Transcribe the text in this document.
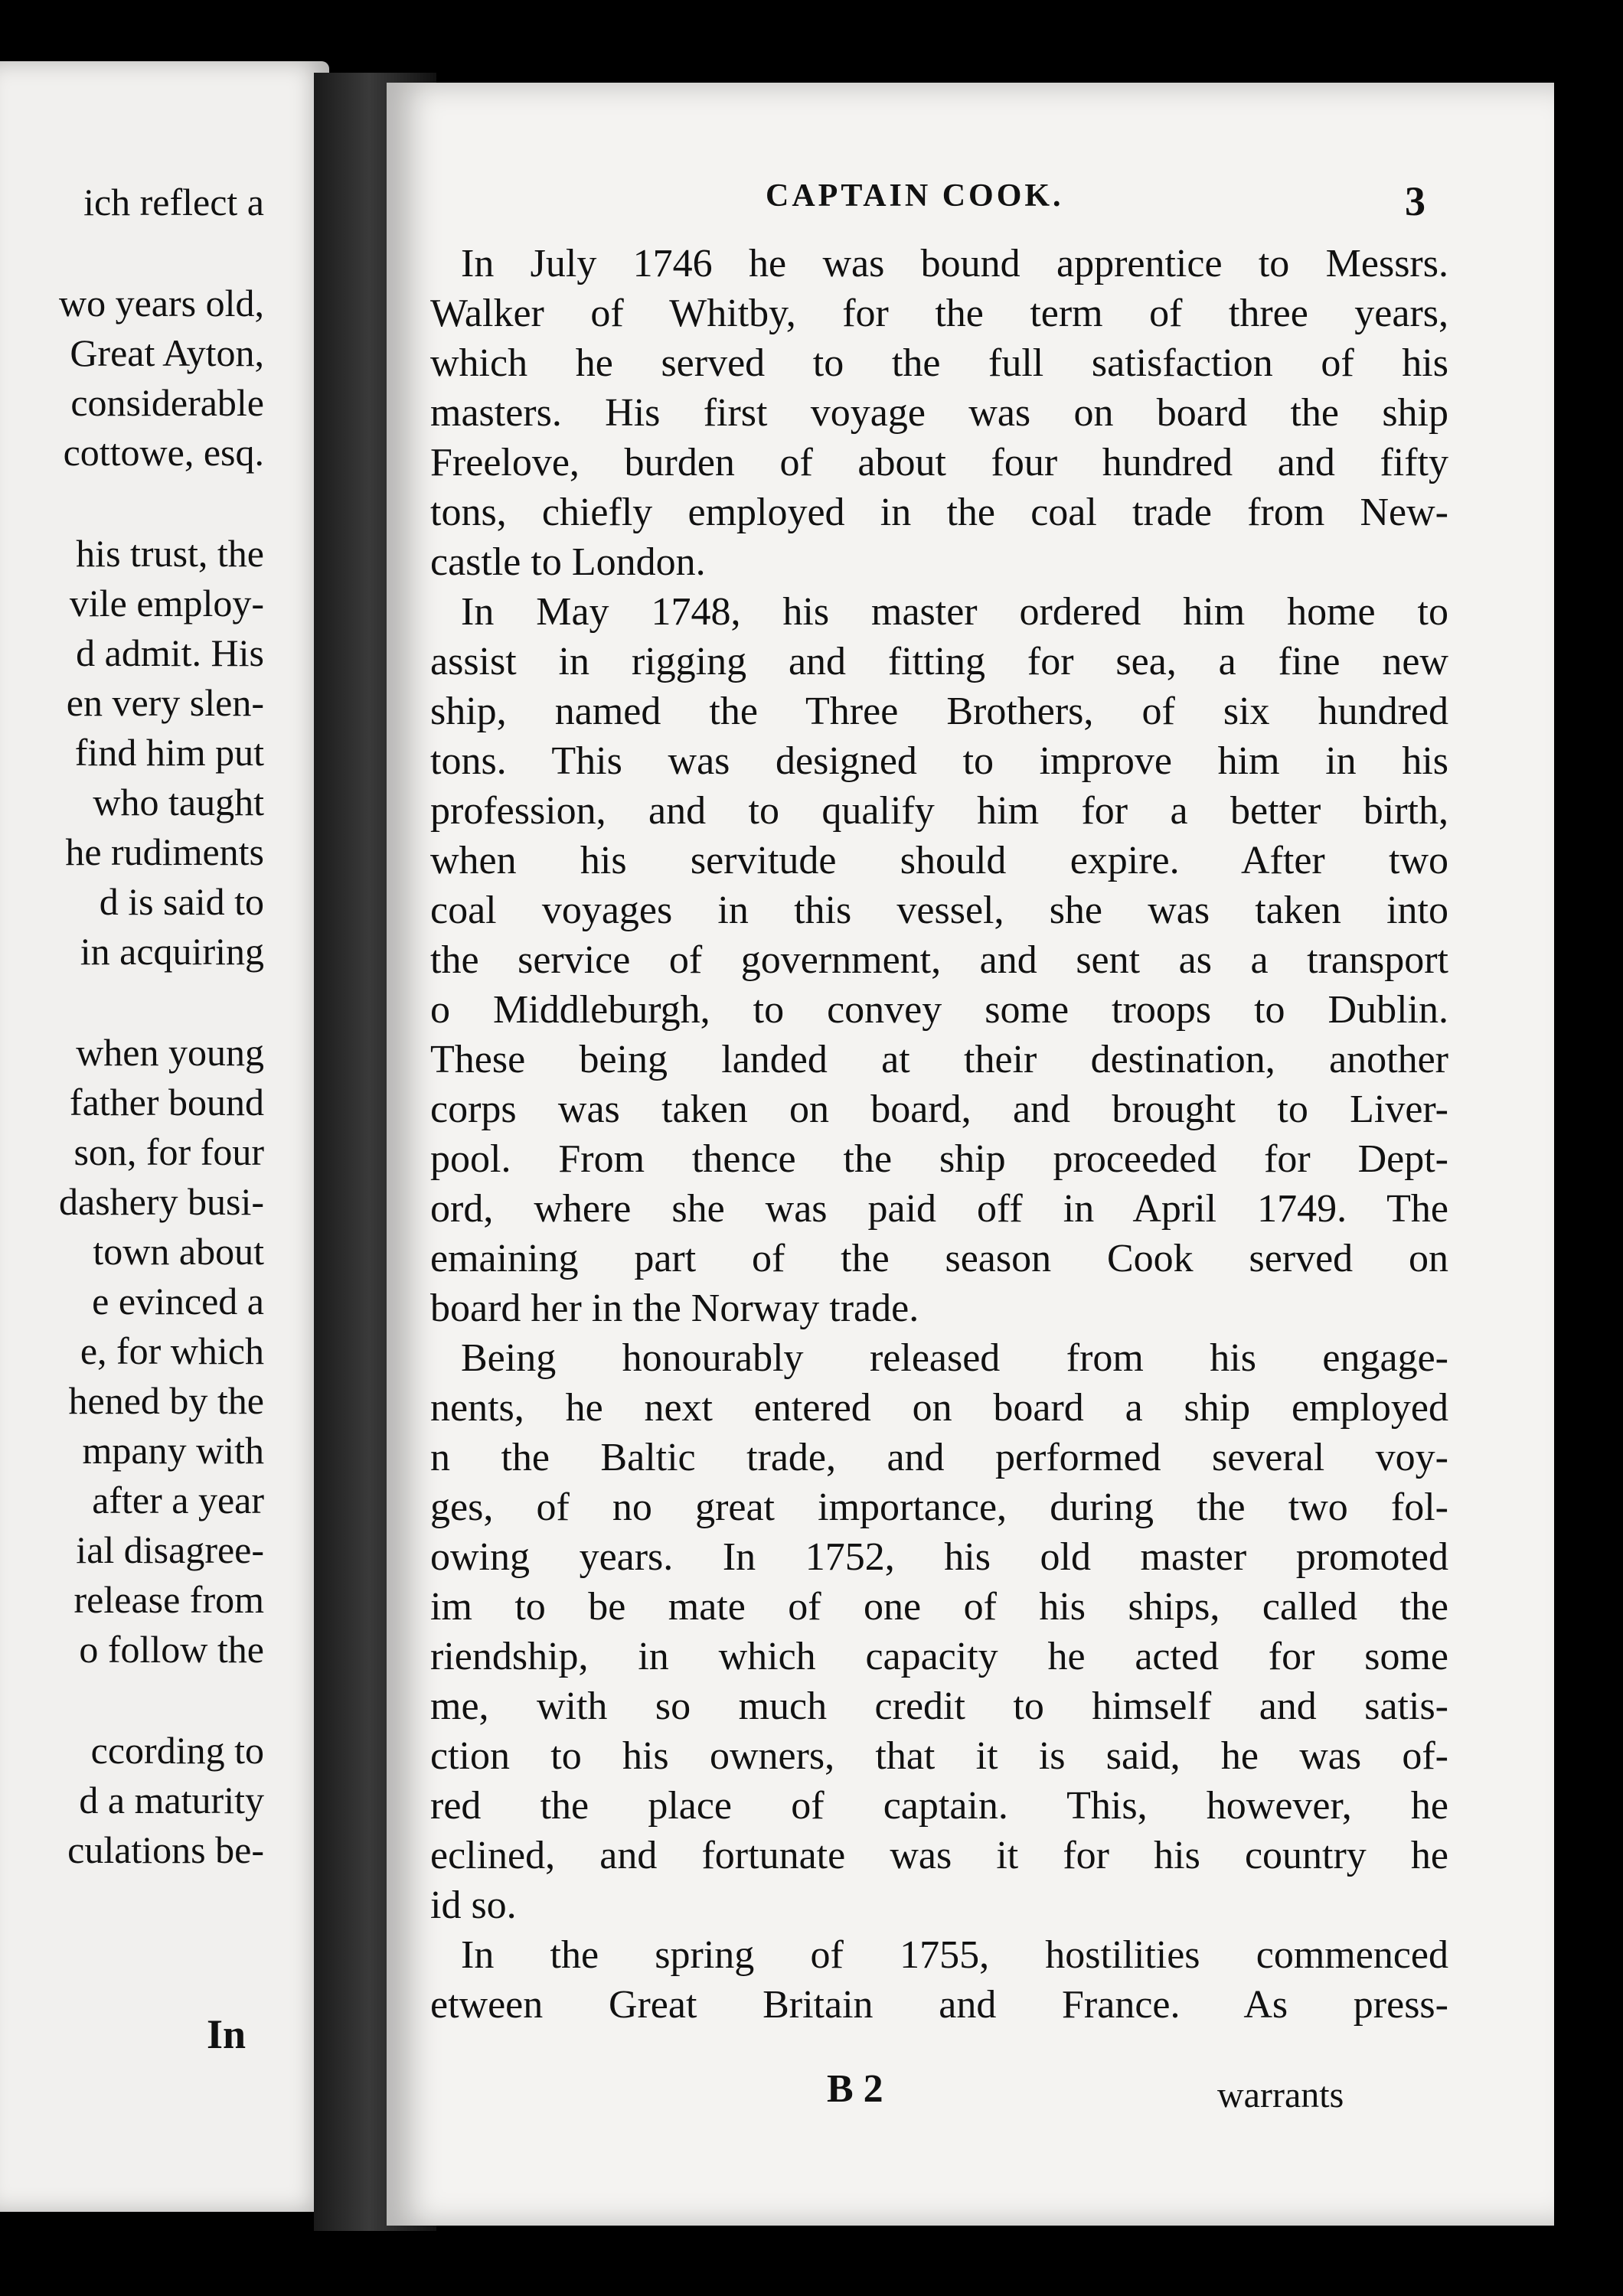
ich reflect a
wo years old,
Great Ayton,
considerable
cottowe, esq.
his trust, the
vile employ-
d admit. His
en very slen-
find him put
who taught
he rudiments
d is said to
in acquiring
when young
father bound
son, for four
dashery busi-
town about
e evinced a
e, for which
hened by the
mpany with
after a year
ial disagree-
release from
o follow the
ccording to
d a maturity
culations be-
In
CAPTAIN COOK.	3
In July 1746 he was bound apprentice to Messrs.
Walker of Whitby, for the term of three years,
which he served to the full satisfaction of his
masters. His first voyage was on board the ship
Freelove, burden of about four hundred and fifty
tons, chiefly employed in the coal trade from New-
castle to London.
In May 1748, his master ordered him home to
assist in rigging and fitting for sea, a fine new
ship, named the Three Brothers, of six hundred
tons. This was designed to improve him in his
profession, and to qualify him for a better birth,
when his servitude should expire. After two
coal voyages in this vessel, she was taken into
the service of government, and sent as a transport
o Middleburgh, to convey some troops to Dublin.
These being landed at their destination, another
corps was taken on board, and brought to Liver-
pool. From thence the ship proceeded for Dept-
ord, where she was paid off in April 1749. The
emaining part of the season Cook served on
board her in the Norway trade.
Being honourably released from his engage-
nents, he next entered on board a ship employed
n the Baltic trade, and performed several voy-
ges, of no great importance, during the two fol-
owing years. In 1752, his old master promoted
im to be mate of one of his ships, called the
riendship, in which capacity he acted for some
me, with so much credit to himself and satis-
ction to his owners, that it is said, he was of-
red the place of captain. This, however, he
eclined, and fortunate was it for his country he
id so.
In the spring of 1755, hostilities commenced
etween Great Britain and France. As press-
B 2	warrants
